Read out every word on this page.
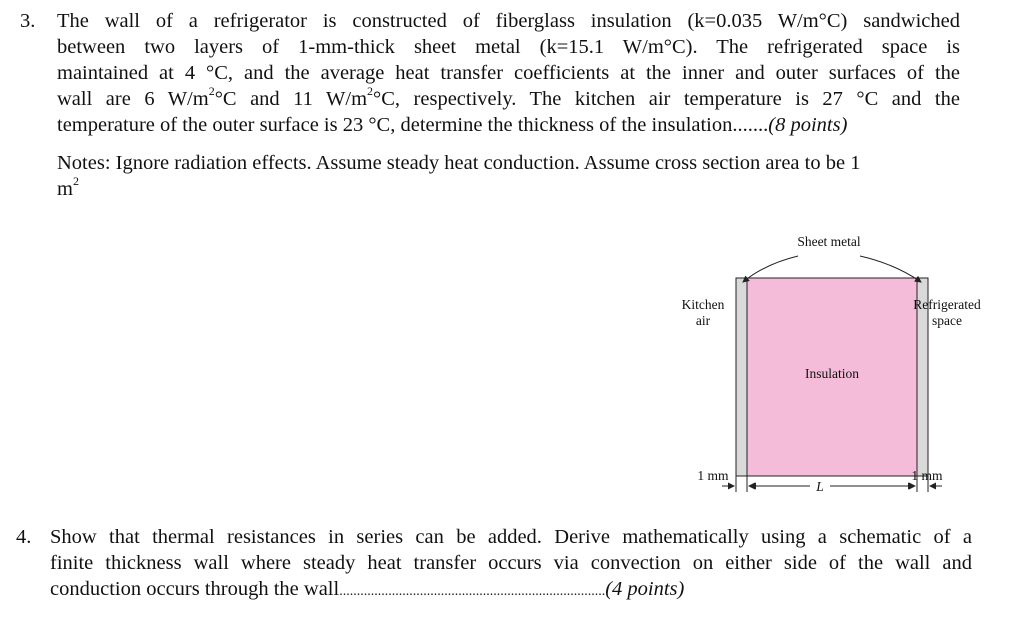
3. The wall of a refrigerator is constructed of fiberglass insulation (k=0.035 W/m°C) sandwiched
between two layers of 1-mm-thick sheet metal (k=15.1 W/m°C). The refrigerated space is
maintained at 4 °C, and the average heat transfer coefficients at the inner and outer surfaces of the
wall are 6 $W/m^2^\circ C$ and 11 $W/m^2^\circ C$, respectively. The kitchen air temperature is 27 °C and the
temperature of the outer surface is 23 °C, determine the thickness of the insulation.......(8 points)
Notes: Ignore radiation effects. Assume steady heat conduction. Assume cross section area to be 1
$m^2$
Sheet metal
Kitchen
air
Refrigerated
space
Insulation
1 mm
L
1 mm
4. Show that thermal resistances in series can be added. Derive mathematically using a schematic of a
finite thickness wall where steady heat transfer occurs via convection on either side of the wall and
conduction occurs through the wall............................................................................(4 points)
